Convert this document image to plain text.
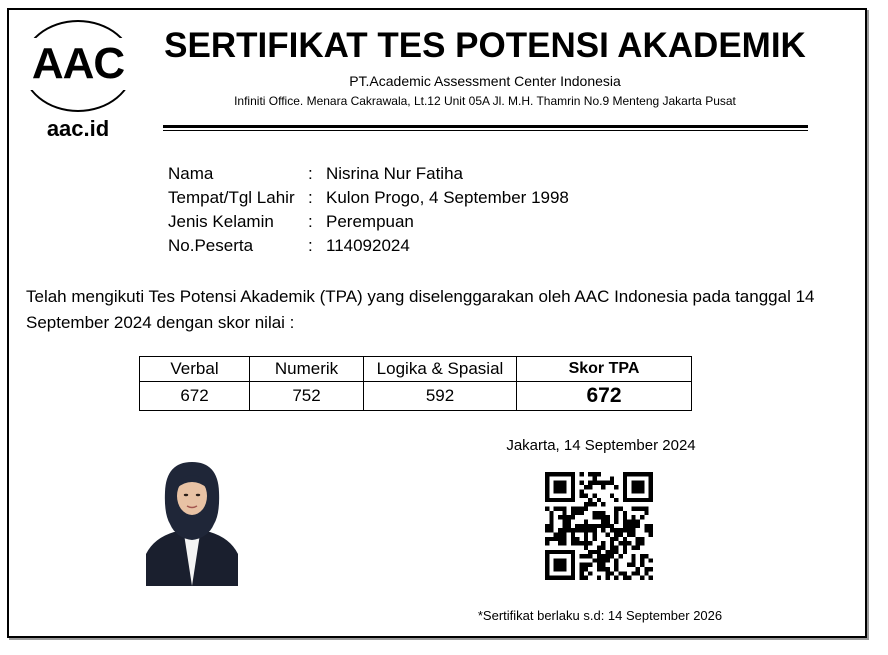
AAC
aac.id
SERTIFIKAT TES POTENSI AKADEMIK
PT.Academic Assessment Center Indonesia
Infiniti Office. Menara Cakrawala, Lt.12 Unit 05A Jl. M.H. Thamrin No.9 Menteng Jakarta Pusat
Nama	: Nisrina Nur Fatiha
Tempat/Tgl Lahir : Kulon Progo, 4 September 1998
Jenis Kelamin	: Perempuan
No.Peserta	: 114092024
Telah mengikuti Tes Potensi Akademik (TPA) yang diselenggarakan oleh AAC Indonesia pada tanggal 14 September 2024 dengan skor nilai :
Verbal	Numerik	Logika & Spasial	Skor TPA
672	752	592	672
Jakarta, 14 September 2024
*Sertifikat berlaku s.d: 14 September 2026
